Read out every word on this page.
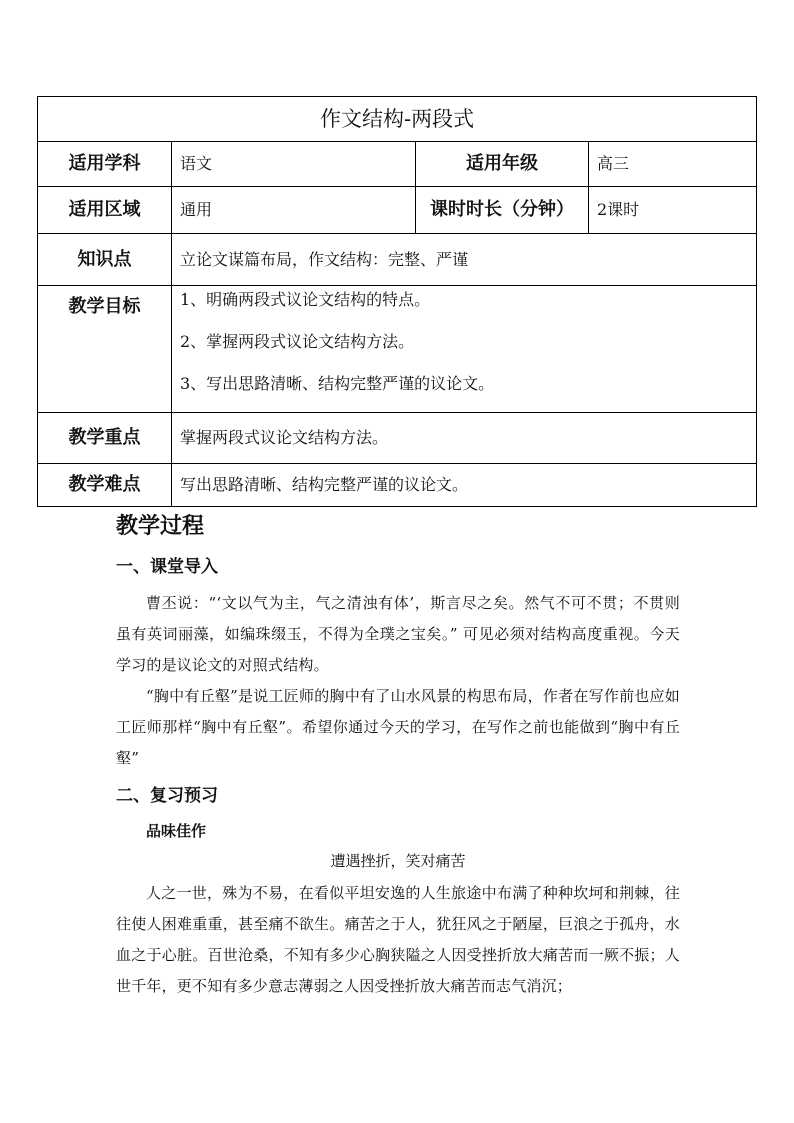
作文结构-两段式			
适用学科	语文	适用年级	高三
适用区域	通用	课时时长（分钟）	2课时
知识点	立论文谋篇布局，作文结构：完整、严谨		
教学目标	1、明确两段式议论文结构的特点。
2、掌握两段式议论文结构方法。
3、写出思路清晰、结构完整严谨的议论文。		

教学重点	掌握两段式议论文结构方法。		
教学难点	写出思路清晰、结构完整严谨的议论文。		
教学过程
一、课堂导入

曹丕说：“‘文以气为主，气之清浊有体’，斯言尽之矣。然气不可不贯；不贯则虽有英词丽藻，如编珠缀玉，不得为全璞之宝矣。” 可见必须对结构高度重视。今天学习的是议论文的对照式结构。

“胸中有丘壑”是说工匠师的胸中有了山水风景的构思布局，作者在写作前也应如工匠师那样“胸中有丘壑”。希望你通过今天的学习，在写作之前也能做到“胸中有丘壑”

二、复习预习
品味佳作
遭遇挫折，笑对痛苦

人之一世，殊为不易，在看似平坦安逸的人生旅途中布满了种种坎坷和荆棘，往往使人困难重重，甚至痛不欲生。痛苦之于人，犹狂风之于陋屋，巨浪之于孤舟，水血之于心脏。百世沧桑，不知有多少心胸狭隘之人因受挫折放大痛苦而一厥不振；人世千年，更不知有多少意志薄弱之人因受挫折放大痛苦而志气消沉；
